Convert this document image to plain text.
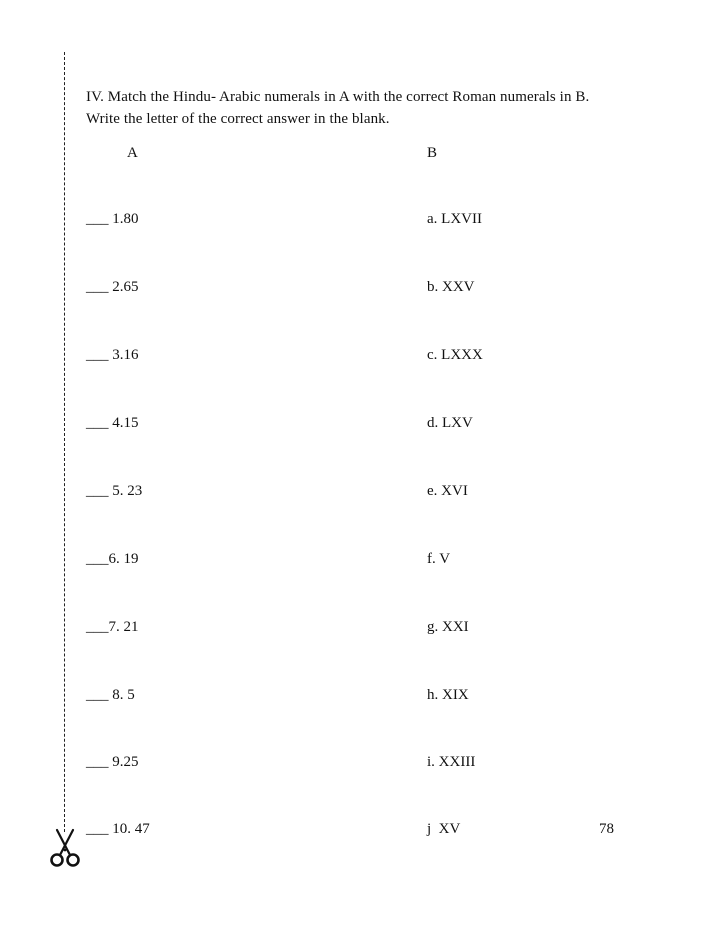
IV. Match the Hindu- Arabic numerals in A with the correct Roman numerals in B.
Write the letter of the correct answer in the blank.
A	B
___ 1.80
___ 2.65
___ 3.16
___ 4.15
___ 5. 23
___6. 19
___7. 21
___ 8. 5
___ 9.25
___ 10. 47
a. LXVII
b. XXV
c. LXXX
d. LXV
e. XVI
f. V
g. XXI
h. XIX
i. XXIII
j  XV	78
